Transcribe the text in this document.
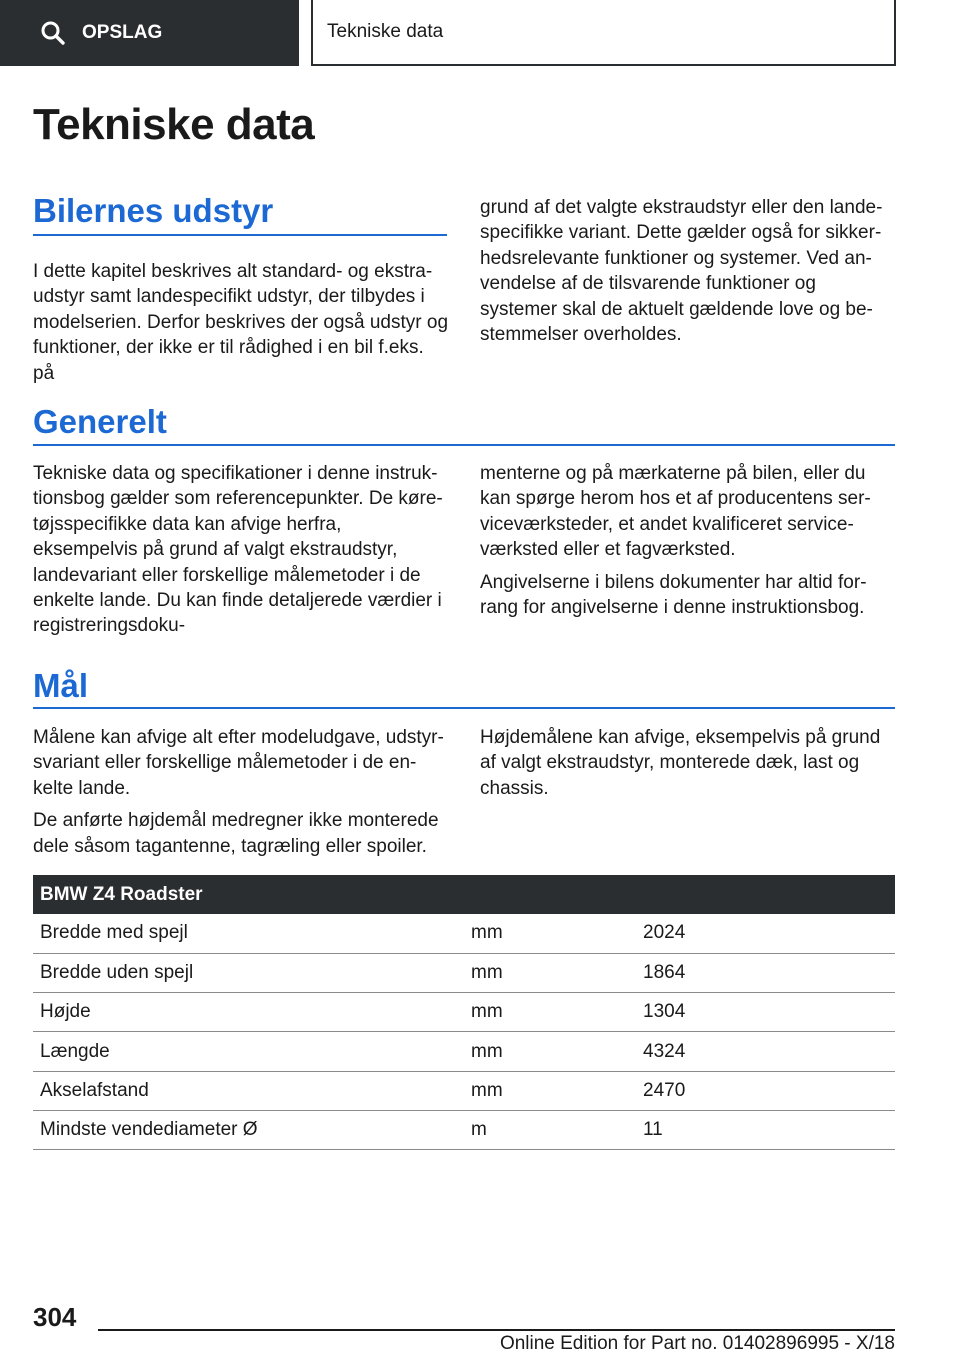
OPSLAG	Tekniske data
Tekniske data
Bilernes udstyr

I dette kapitel beskrives alt standard- og ekstra-udstyr samt landespecifikt udstyr, der tilbydes i modelserien. Derfor beskrives der også udstyr og funktioner, der ikke er til rådighed i en bil f.eks. på

grund af det valgte ekstraudstyr eller den lande-specifikke variant. Dette gælder også for sikker-hedsrelevante funktioner og systemer. Ved an-vendelse af de tilsvarende funktioner og systemer skal de aktuelt gældende love og be-stemmelser overholdes.

Generelt

Tekniske data og specifikationer i denne instruk-tionsbog gælder som referencepunkter. De køre-tøjsspecifikke data kan afvige herfra, eksempelvis på grund af valgt ekstraudstyr, landevariant eller forskellige målemetoder i de enkelte lande. Du kan finde detaljerede værdier i registreringsdoku-

menterne og på mærkaterne på bilen, eller du kan spørge herom hos et af producentens ser-viceværksteder, et andet kvalificeret service-værksted eller et fagværksted.

Angivelserne i bilens dokumenter har altid for-rang for angivelserne i denne instruktionsbog.

Mål

Målene kan afvige alt efter modeludgave, udstyr-svariant eller forskellige målemetoder i de en-kelte lande.

De anførte højdemål medregner ikke monterede dele såsom tagantenne, tagræling eller spoiler.

Højdemålene kan afvige, eksempelvis på grund af valgt ekstraudstyr, monterede dæk, last og chassis.

BMW Z4 Roadster		
Bredde med spejl	mm	2024
Bredde uden spejl	mm	1864
Højde	mm	1304
Længde	mm	4324
Akselafstand	mm	2470
Mindste vendediameter Ø	m	11
304
Online Edition for Part no. 01402896995 - X/18
